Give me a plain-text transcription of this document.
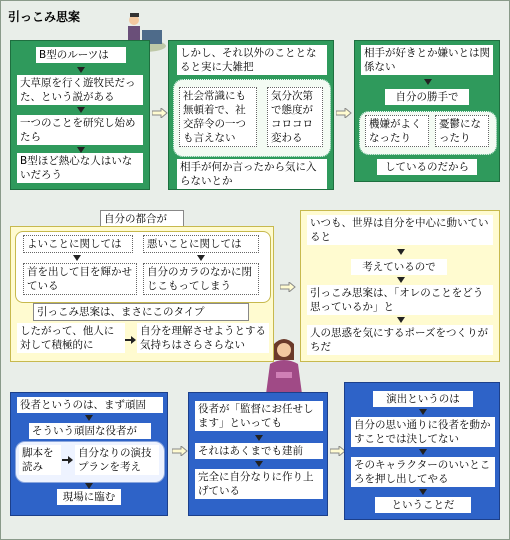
引っこみ思案
B型のルーツは
大草原を行く遊牧民だった、という説がある
一つのことを研究し始めたら
B型ほど熱心な人はいないだろう
しかし、それ以外のこととなると実に大雑把
社会常識にも無頓着で、社交辞令の一つも言えない
気分次第で態度がコロコロ変わる
相手が何か言ったから気に入らないとか
相手が好きとか嫌いとは関係ない
自分の勝手で
機嫌がよくなったり
憂鬱になったり
しているのだから
自分の都合が
よいことに関しては	悪いことに関しては
首を出して目を輝かせている
自分のカラのなかに閉じこもってしまう
引っこみ思案は、まさにこのタイプ
したがって、他人に対して積極的に
自分を理解させようとする気持ちはさらさらない
いつも、世界は自分を中心に動いていると
考えているので
引っこみ思案は、「オレのことをどう思っているか」と
人の思惑を気にするポーズをつくりがちだ
役者というのは、まず頑固
そういう頑固な役者が
脚本を読み
自分なりの演技プランを考え
現場に臨む
役者が「監督にお任せします」といっても
それはあくまでも建前
完全に自分なりに作り上げている
演出というのは
自分の思い通りに役者を動かすことでは決してない
そのキャラクターのいいところを押し出してやる
ということだ
